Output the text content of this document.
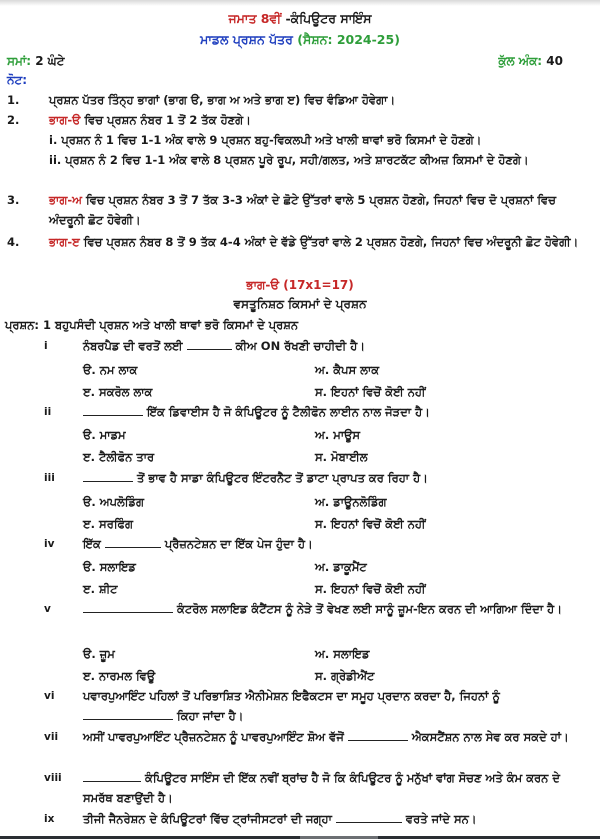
ਜਮਾਤ 8ਵੀਂ -ਕੰਪਿਊਟਰ ਸਾਇੰਸ
ਮਾਡਲ ਪ੍ਰਸ਼ਨ ਪੱਤਰ (ਸੈਸ਼ਨ: 2024-25)
ਸਮਾਂ: 2 ਘੰਟੇ	ਕੁੱਲ ਅੰਕ: 40
ਨੋਟ:
1.	ਪ੍ਰਸ਼ਨ ਪੱਤਰ ਤਿੰਨ੍ਹ ਭਾਗਾਂ (ਭਾਗ ੳ, ਭਾਗ ਅ ਅਤੇ ਭਾਗ ੲ) ਵਿਚ ਵੰਡਿਆ ਹੋਵੇਗਾ।
2.	ਭਾਗ-ੳ ਵਿਚ ਪ੍ਰਸ਼ਨ ਨੰਬਰ 1 ਤੋਂ 2 ਤੱਕ ਹੋਣਗੇ।
i. ਪ੍ਰਸ਼ਨ ਨੰ 1 ਵਿਚ 1-1 ਅੰਕ ਵਾਲੇ 9 ਪ੍ਰਸ਼ਨ ਬਹੁ-ਵਿਕਲਪੀ ਅਤੇ ਖਾਲੀ ਥਾਵਾਂ ਭਰੋ ਕਿਸਮਾਂ ਦੇ ਹੋਣਗੇ।
ii. ਪ੍ਰਸ਼ਨ ਨੰ 2 ਵਿਚ 1-1 ਅੰਕ ਵਾਲੇ 8 ਪ੍ਰਸ਼ਨ ਪੂਰੇ ਰੂਪ, ਸਹੀ/ਗਲਤ, ਅਤੇ ਸ਼ਾਰਟਕੱਟ ਕੀਅਜ਼ ਕਿਸਮਾਂ ਦੇ ਹੋਣਗੇ।
3.	ਭਾਗ-ਅ ਵਿਚ ਪ੍ਰਸ਼ਨ ਨੰਬਰ 3 ਤੋਂ 7 ਤੱਕ 3-3 ਅੰਕਾਂ ਦੇ ਛੋਟੇ ਉੱਤਰਾਂ ਵਾਲੇ 5 ਪ੍ਰਸ਼ਨ ਹੋਣਗੇ, ਜਿਹਨਾਂ ਵਿਚ ਦੋ ਪ੍ਰਸ਼ਨਾਂ ਵਿਚ ਅੰਦਰੂਨੀ ਛੋਟ ਹੋਵੇਗੀ।
4.	ਭਾਗ-ੲ ਵਿਚ ਪ੍ਰਸ਼ਨ ਨੰਬਰ 8 ਤੋਂ 9 ਤੱਕ 4-4 ਅੰਕਾਂ ਦੇ ਵੱਡੇ ਉੱਤਰਾਂ ਵਾਲੇ 2 ਪ੍ਰਸ਼ਨ ਹੋਣਗੇ, ਜਿਹਨਾਂ ਵਿਚ ਅੰਦਰੂਨੀ ਛੋਟ ਹੋਵੇਗੀ।
ਭਾਗ-ੳ (17x1=17)
ਵਸਤੂਨਿਸ਼ਠ ਕਿਸਮਾਂ ਦੇ ਪ੍ਰਸ਼ਨ
ਪ੍ਰਸ਼ਨ: 1 ਬਹੁਪਸੰਦੀ ਪ੍ਰਸ਼ਨ ਅਤੇ ਖਾਲੀ ਥਾਵਾਂ ਭਰੋ ਕਿਸਮਾਂ ਦੇ ਪ੍ਰਸ਼ਨ
i	ਨੰਬਰਪੈਡ ਦੀ ਵਰਤੋਂ ਲਈ	ਕੀਅ ON ਰੱਖਣੀ ਚਾਹੀਦੀ ਹੈ।
ੳ. ਨਮ ਲਾਕ	ਅ. ਕੈਪਸ ਲਾਕ
ੲ. ਸਕਰੋਲ ਲਾਕ	ਸ. ਇਹਨਾਂ ਵਿਚੋਂ ਕੋਈ ਨਹੀਂ
ii	ਇੱਕ ਡਿਵਾਈਸ ਹੈ ਜੋ ਕੰਪਿਊਟਰ ਨੂੰ ਟੈਲੀਫੋਨ ਲਾਈਨ ਨਾਲ ਜੋੜਦਾ ਹੈ।
ੳ. ਮਾਡਮ	ਅ. ਮਾਊਸ
ੲ. ਟੈਲੀਫੋਨ ਤਾਰ	ਸ. ਮੋਬਾਈਲ
iii	ਤੋਂ ਭਾਵ ਹੈ ਸਾਡਾ ਕੰਪਿਊਟਰ ਇੰਟਰਨੈਟ ਤੋਂ ਡਾਟਾ ਪ੍ਰਾਪਤ ਕਰ ਰਿਹਾ ਹੈ।
ੳ. ਅਪਲੋਡਿੰਗ	ਅ. ਡਾਊਨਲੋਡਿੰਗ
ੲ. ਸਰਫਿੰਗ	ਸ. ਇਹਨਾਂ ਵਿਚੋਂ ਕੋਈ ਨਹੀਂ
iv ਇੱਕ	ਪ੍ਰੈਜ਼ਨਟੇਸ਼ਨ ਦਾ ਇੱਕ ਪੇਜ ਹੁੰਦਾ ਹੈ।
ੳ. ਸਲਾਇਡ	ਅ. ਡਾਕੂਮੈਂਟ
ੲ. ਸ਼ੀਟ	ਸ. ਇਹਨਾਂ ਵਿਚੋਂ ਕੋਈ ਨਹੀਂ
v	ਕੰਟਰੋਲ ਸਲਾਇਡ ਕੰਟੈਂਟਸ ਨੂੰ ਨੇੜੇ ਤੋਂ ਵੇਖਣ ਲਈ ਸਾਨੂੰ ਜ਼ੂਮ-ਇਨ ਕਰਨ ਦੀ ਆਗਿਆ ਦਿੰਦਾ ਹੈ।
ੳ. ਜ਼ੂਮ	ਅ. ਸਲਾਇਡ
ੲ. ਨਾਰਮਲ ਵਿਊ	ਸ. ਗ੍ਰੇਡੀਐਂਟ
vi ਪਵਾਰਪੁਆਇੰਟ ਪਹਿਲਾਂ ਤੋਂ ਪਰਿਭਾਸ਼ਿਤ ਐਨੀਮੇਸ਼ਨ ਇਫੈਕਟਸ ਦਾ ਸਮੂਹ ਪ੍ਰਦਾਨ ਕਰਦਾ ਹੈ, ਜਿਹਨਾਂ ਨੂੰ  ਕਿਹਾ ਜਾਂਦਾ ਹੈ।
vii ਅਸੀਂ ਪਾਵਰਪੁਆਇੰਟ ਪ੍ਰੈਜ਼ਨਟੇਸ਼ਨ ਨੂੰ ਪਾਵਰਪੁਆਇੰਟ ਸ਼ੋਅ ਵੱਜੋਂ	ਐਕਸਟੈਂਸ਼ਨ ਨਾਲ ਸੇਵ ਕਰ ਸਕਦੇ ਹਾਂ।
viii	ਕੰਪਿਊਟਰ ਸਾਇੰਸ ਦੀ ਇੱਕ ਨਵੀਂ ਬ੍ਰਾਂਚ ਹੈ ਜੋ ਕਿ ਕੰਪਿਊਟਰ ਨੂੰ ਮਨੁੱਖਾਂ ਵਾਂਗ ਸੋਚਣ ਅਤੇ ਕੰਮ ਕਰਨ ਦੇ ਸਮਰੱਥ ਬਣਾਉਂਦੀ ਹੈ।
ix ਤੀਜੀ ਜੈਨਰੇਸ਼ਨ ਦੇ ਕੰਪਿਊਟਰਾਂ ਵਿੱਚ ਟ੍ਰਾਂਜੀਸਟਰਾਂ ਦੀ ਜਗ੍ਹਾ	ਵਰਤੇ ਜਾਂਦੇ ਸਨ।
